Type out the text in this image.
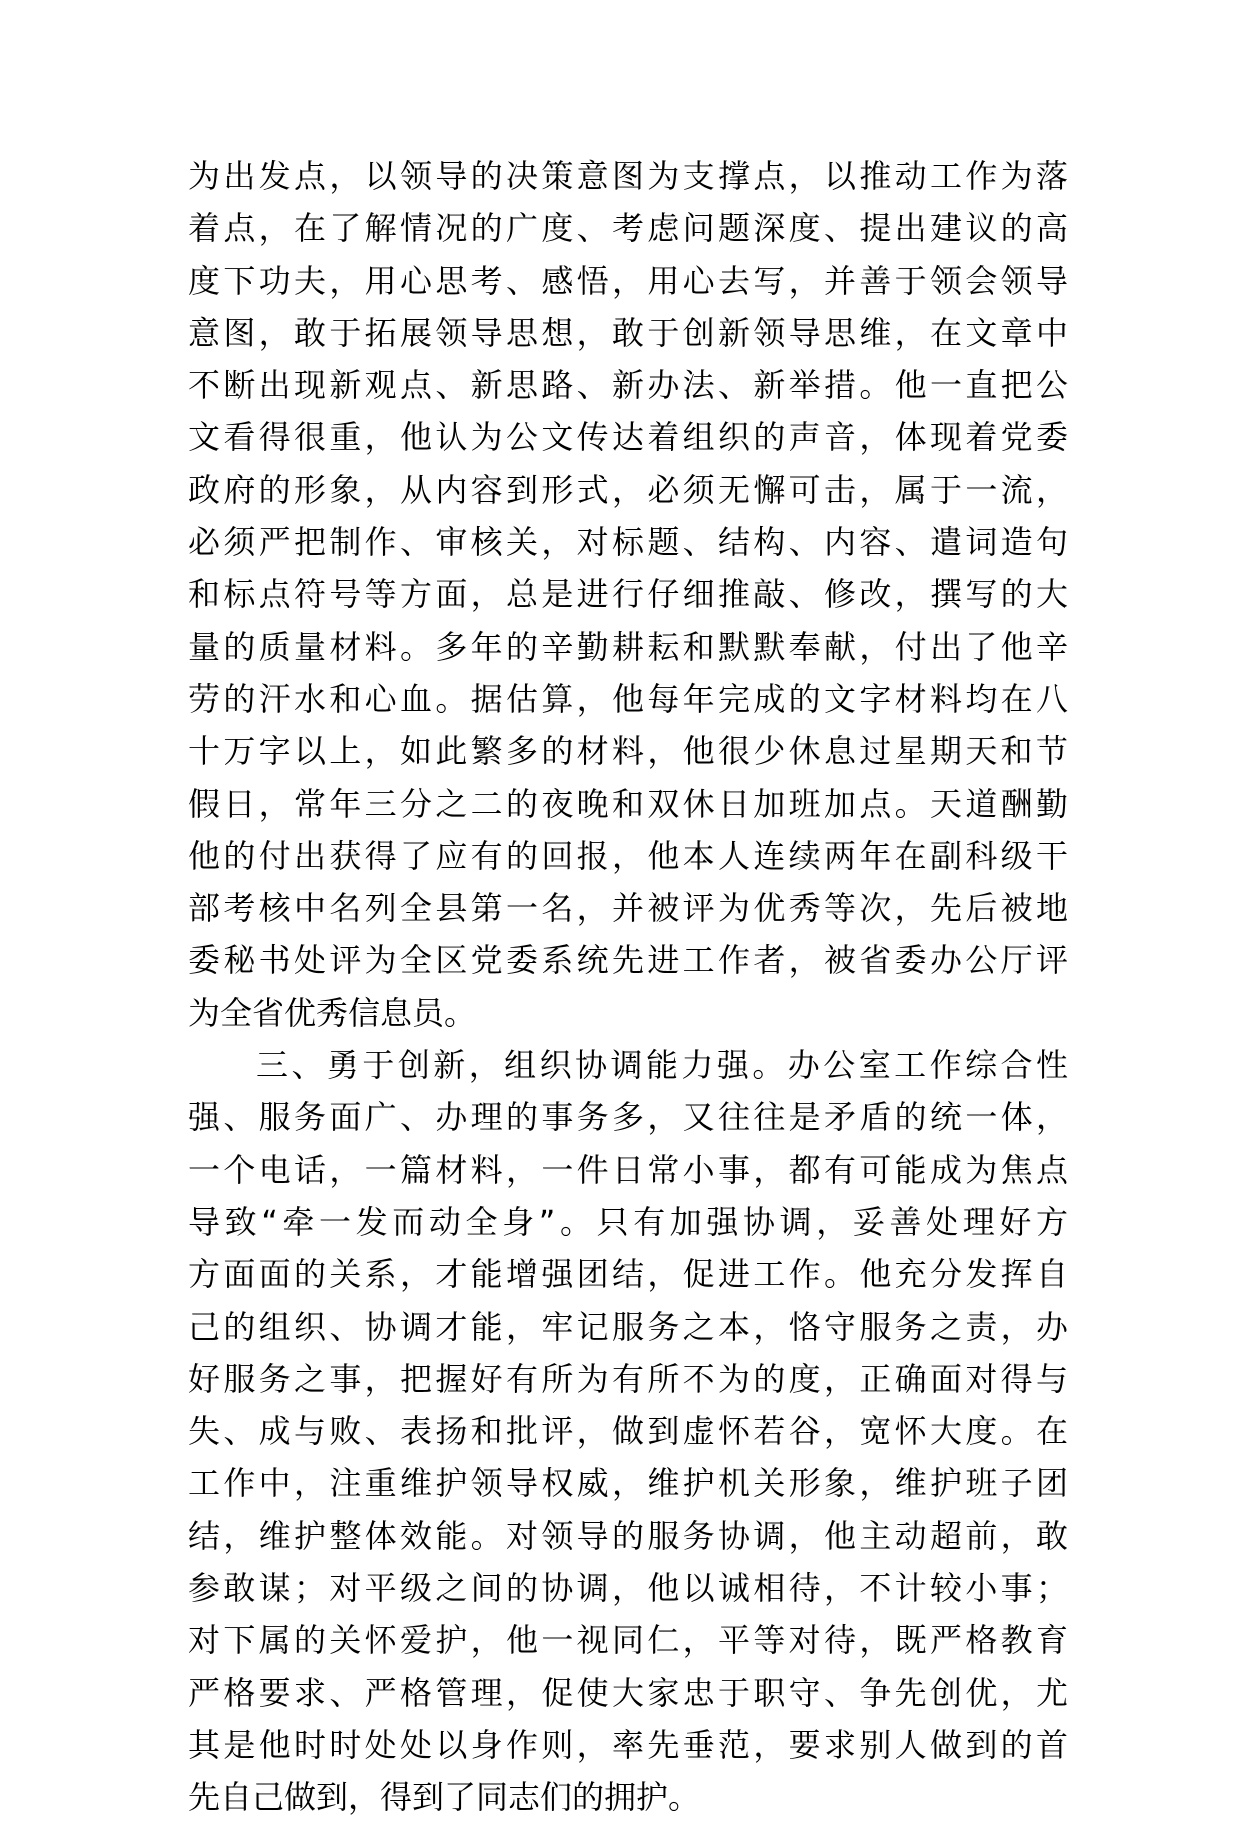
为出发点，以领导的决策意图为支撑点，以推动工作为落
着点，在了解情况的广度、考虑问题深度、提出建议的高
度下功夫，用心思考、感悟，用心去写，并善于领会领导
意图，敢于拓展领导思想，敢于创新领导思维，在文章中
不断出现新观点、新思路、新办法、新举措。他一直把公
文看得很重，他认为公文传达着组织的声音，体现着党委
政府的形象，从内容到形式，必须无懈可击，属于一流，
必须严把制作、审核关，对标题、结构、内容、遣词造句
和标点符号等方面，总是进行仔细推敲、修改，撰写的大
量的质量材料。多年的辛勤耕耘和默默奉献，付出了他辛
劳的汗水和心血。据估算，他每年完成的文字材料均在八
十万字以上，如此繁多的材料，他很少休息过星期天和节
假日，常年三分之二的夜晚和双休日加班加点。天道酬勤
他的付出获得了应有的回报，他本人连续两年在副科级干
部考核中名列全县第一名，并被评为优秀等次，先后被地
委秘书处评为全区党委系统先进工作者，被省委办公厅评
为全省优秀信息员。
三、勇于创新，组织协调能力强。办公室工作综合性
强、服务面广、办理的事务多，又往往是矛盾的统一体，
一个电话，一篇材料，一件日常小事，都有可能成为焦点
导致“牵一发而动全身”。只有加强协调，妥善处理好方
方面面的关系，才能增强团结，促进工作。他充分发挥自
己的组织、协调才能，牢记服务之本，恪守服务之责，办
好服务之事，把握好有所为有所不为的度，正确面对得与
失、成与败、表扬和批评，做到虚怀若谷，宽怀大度。在
工作中，注重维护领导权威，维护机关形象，维护班子团
结，维护整体效能。对领导的服务协调，他主动超前，敢
参敢谋；对平级之间的协调，他以诚相待，不计较小事；
对下属的关怀爱护，他一视同仁，平等对待，既严格教育
严格要求、严格管理，促使大家忠于职守、争先创优，尤
其是他时时处处以身作则，率先垂范，要求别人做到的首
先自己做到，得到了同志们的拥护。
